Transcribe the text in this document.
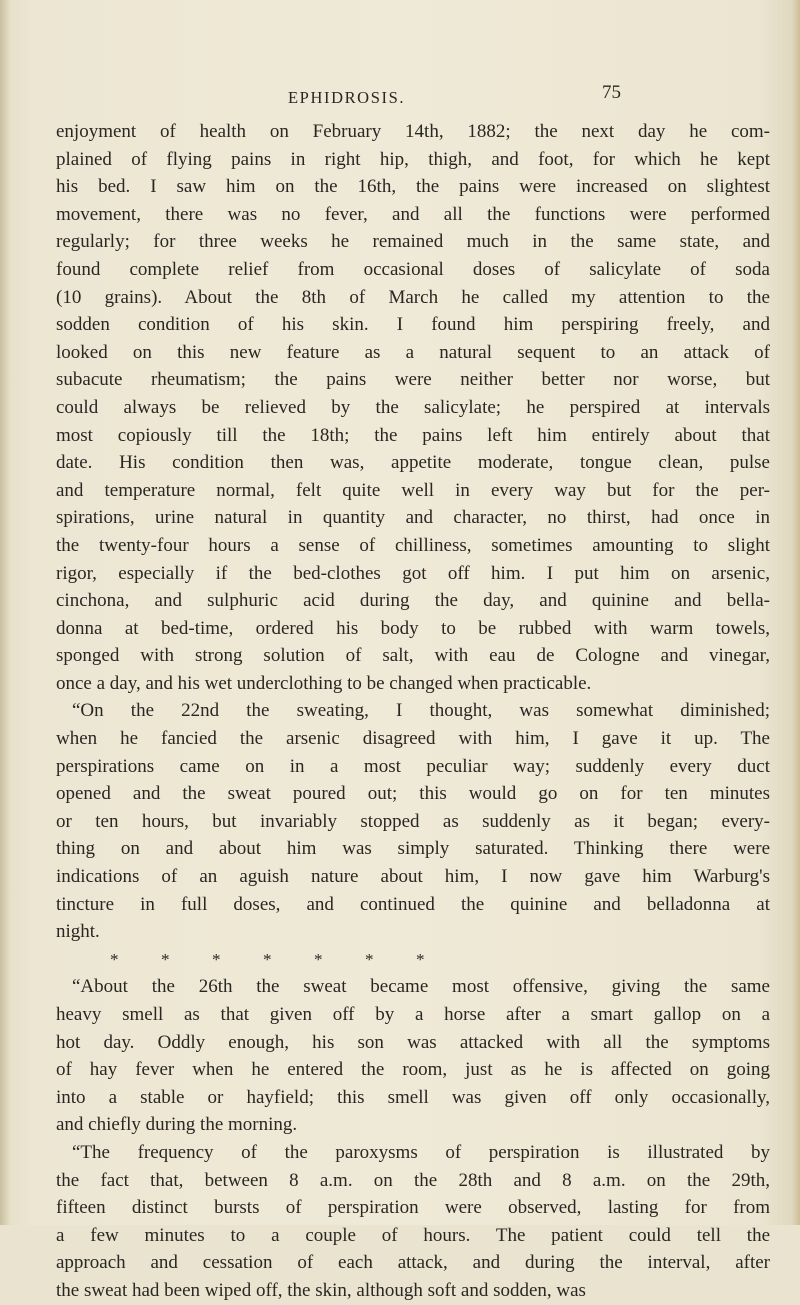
EPHIDROSIS.	75
enjoyment of health on February 14th, 1882; the next day he com-
plained of flying pains in right hip, thigh, and foot, for which he kept
his bed. I saw him on the 16th, the pains were increased on slightest
movement, there was no fever, and all the functions were performed
regularly; for three weeks he remained much in the same state, and
found complete relief from occasional doses of salicylate of soda
(10 grains). About the 8th of March he called my attention to the
sodden condition of his skin. I found him perspiring freely, and
looked on this new feature as a natural sequent to an attack of
subacute rheumatism; the pains were neither better nor worse, but
could always be relieved by the salicylate; he perspired at intervals
most copiously till the 18th; the pains left him entirely about that
date. His condition then was, appetite moderate, tongue clean, pulse
and temperature normal, felt quite well in every way but for the per-
spirations, urine natural in quantity and character, no thirst, had once in
the twenty-four hours a sense of chilliness, sometimes amounting to slight
rigor, especially if the bed-clothes got off him. I put him on arsenic,
cinchona, and sulphuric acid during the day, and quinine and bella-
donna at bed-time, ordered his body to be rubbed with warm towels,
sponged with strong solution of salt, with eau de Cologne and vinegar,
once a day, and his wet underclothing to be changed when practicable.
“On the 22nd the sweating, I thought, was somewhat diminished;
when he fancied the arsenic disagreed with him, I gave it up. The
perspirations came on in a most peculiar way; suddenly every duct
opened and the sweat poured out; this would go on for ten minutes
or ten hours, but invariably stopped as suddenly as it began; every-
thing on and about him was simply saturated. Thinking there were
indications of an aguish nature about him, I now gave him Warburg's
tincture in full doses, and continued the quinine and belladonna at
night.
*	*	*	*	*	*	*
“About the 26th the sweat became most offensive, giving the same
heavy smell as that given off by a horse after a smart gallop on a
hot day. Oddly enough, his son was attacked with all the symptoms
of hay fever when he entered the room, just as he is affected on going
into a stable or hayfield; this smell was given off only occasionally,
and chiefly during the morning.
“The frequency of the paroxysms of perspiration is illustrated by
the fact that, between 8 a.m. on the 28th and 8 a.m. on the 29th,
fifteen distinct bursts of perspiration were observed, lasting for from
a few minutes to a couple of hours. The patient could tell the
approach and cessation of each attack, and during the interval, after
the sweat had been wiped off, the skin, although soft and sodden, was
